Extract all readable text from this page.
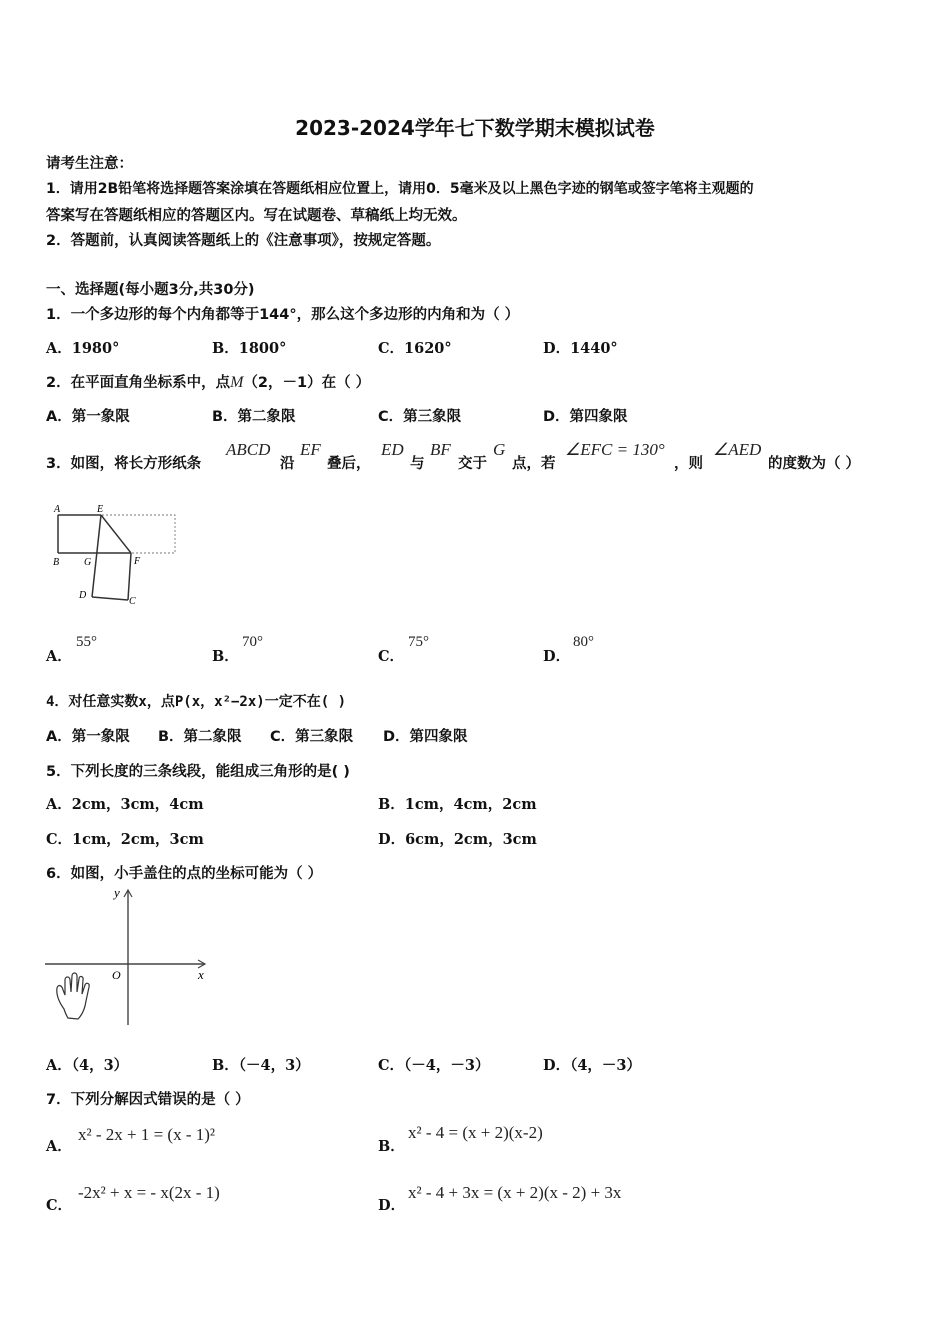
2023-2024学年七下数学期末模拟试卷
请考生注意：
1．请用2B铅笔将选择题答案涂填在答题纸相应位置上，请用0．5毫米及以上黑色字迹的钢笔或签字笔将主观题的
答案写在答题纸相应的答题区内。写在试题卷、草稿纸上均无效。
2．答题前，认真阅读答题纸上的《注意事项》，按规定答题。
一、选择题(每小题3分,共30分)
1．一个多边形的每个内角都等于144°，那么这个多边形的内角和为（ ）
A．1980°	B．1800°	C．1620°	D．1440°
2．在平面直角坐标系中，点M（2，－1）在（ ）
A．第一象限	B．第二象限	C．第三象限	D．第四象限
3．如图，将长方形纸条
ABCD
沿
EF
叠后，
ED
与
BF
交于
G
点，若
∠EFC = 130°
，则
∠AED
的度数为（ ）
A	E
B G	F
D
C
A．
55°
B．
70°
C．
75°
D．
80°
4．对任意实数x，点P(x，x²−2x)一定不在( )
A．第一象限 B．第二象限 C．第三象限 D．第四象限
5．下列长度的三条线段，能组成三角形的是( )
A．2cm，3cm，4cm	B．1cm，4cm，2cm
C．1cm，2cm，3cm	D．6cm，2cm，3cm
6．如图，小手盖住的点的坐标可能为（ ）
y
x
O
A．（4，3）	B．（－4，3）	C．（－4，－3）	D．（4，－3）
7．下列分解因式错误的是（ ）
A．
x² - 2x + 1 = (x - 1)²
B．
x² - 4 = (x + 2)(x-2)
C．
-2x² + x = - x(2x - 1)
D．
x² - 4 + 3x = (x + 2)(x - 2) + 3x
